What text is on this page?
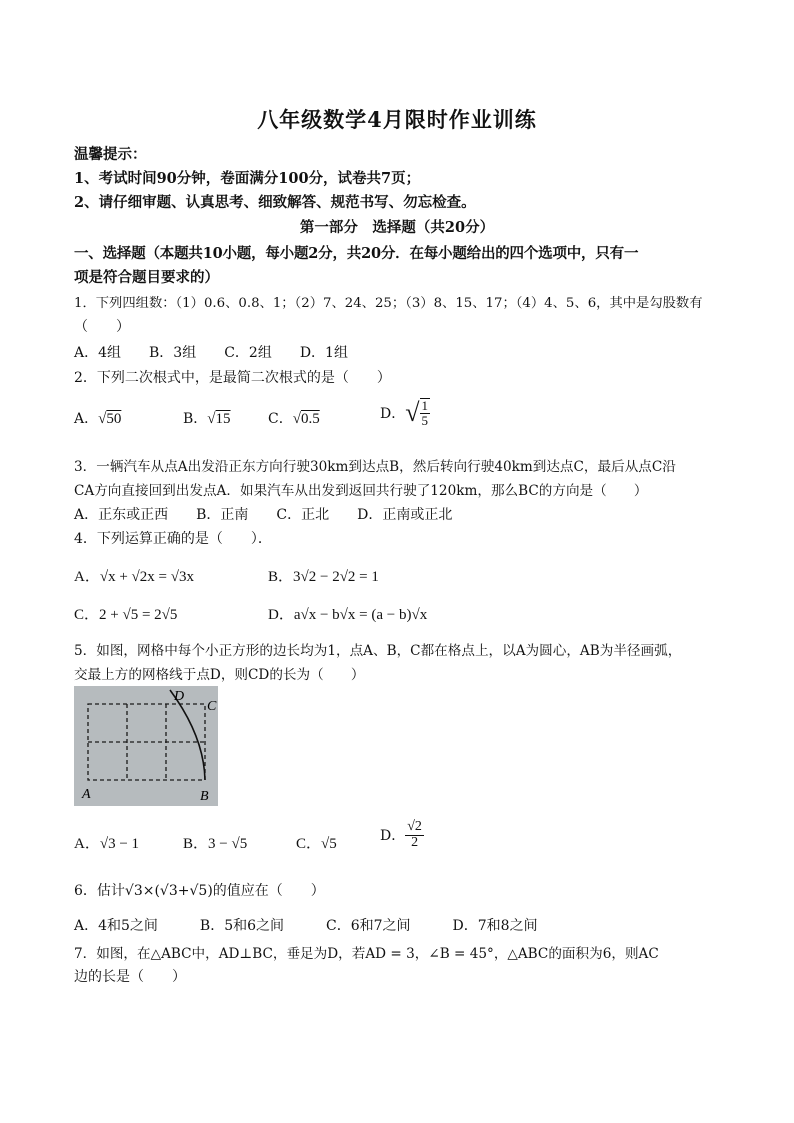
八年级数学4月限时作业训练
温馨提示：
1、考试时间90分钟，卷面满分100分，试卷共7页；
2、请仔细审题、认真思考、细致解答、规范书写、勿忘检查。
第一部分　选择题（共20分）
一、选择题（本题共10小题，每小题2分，共20分．在每小题给出的四个选项中，只有一
项是符合题目要求的）
1．下列四组数：（1）0.6、0.8、1；（2）7、24、25；（3）8、15、17；（4）4、5、6，其中是勾股数有
（　　）
A．4组　　B．3组　　C．2组　　D．1组
2．下列二次根式中，是最简二次根式的是（　　）
A．√50	B．√15	C．√0.5	D．√ $\frac{1}{5}$
3．一辆汽车从点A出发沿正东方向行驶30km到达点B，然后转向行驶40km到达点C，最后从点C沿
CA方向直接回到出发点A．如果汽车从出发到返回共行驶了120km，那么BC的方向是（　　）
A．正东或正西　　B．正南　　C．正北　　D．正南或正北
4．下列运算正确的是（　　）．
A．√x + √2x = √3x	B．3√2 − 2√2 = 1
C．2 + √5 = 2√5	D．a√x − b√x = (a − b)√x
5．如图，网格中每个小正方形的边长均为1，点A、B，C都在格点上，以A为圆心，AB为半径画弧，
交最上方的网格线于点D，则CD的长为（　　）
D
C
A	B
A．√3 − 1	B．3 − √5	C．√5	D． $\frac{√2}{2}$
6．估计√3×(√3+√5)的值应在（　　）
A．4和5之间　　　B．5和6之间　　　C．6和7之间　　　D．7和8之间
7．如图，在△ABC中，AD⊥BC，垂足为D，若AD = 3，∠B = 45°，△ABC的面积为6，则AC
边的长是（　　）
